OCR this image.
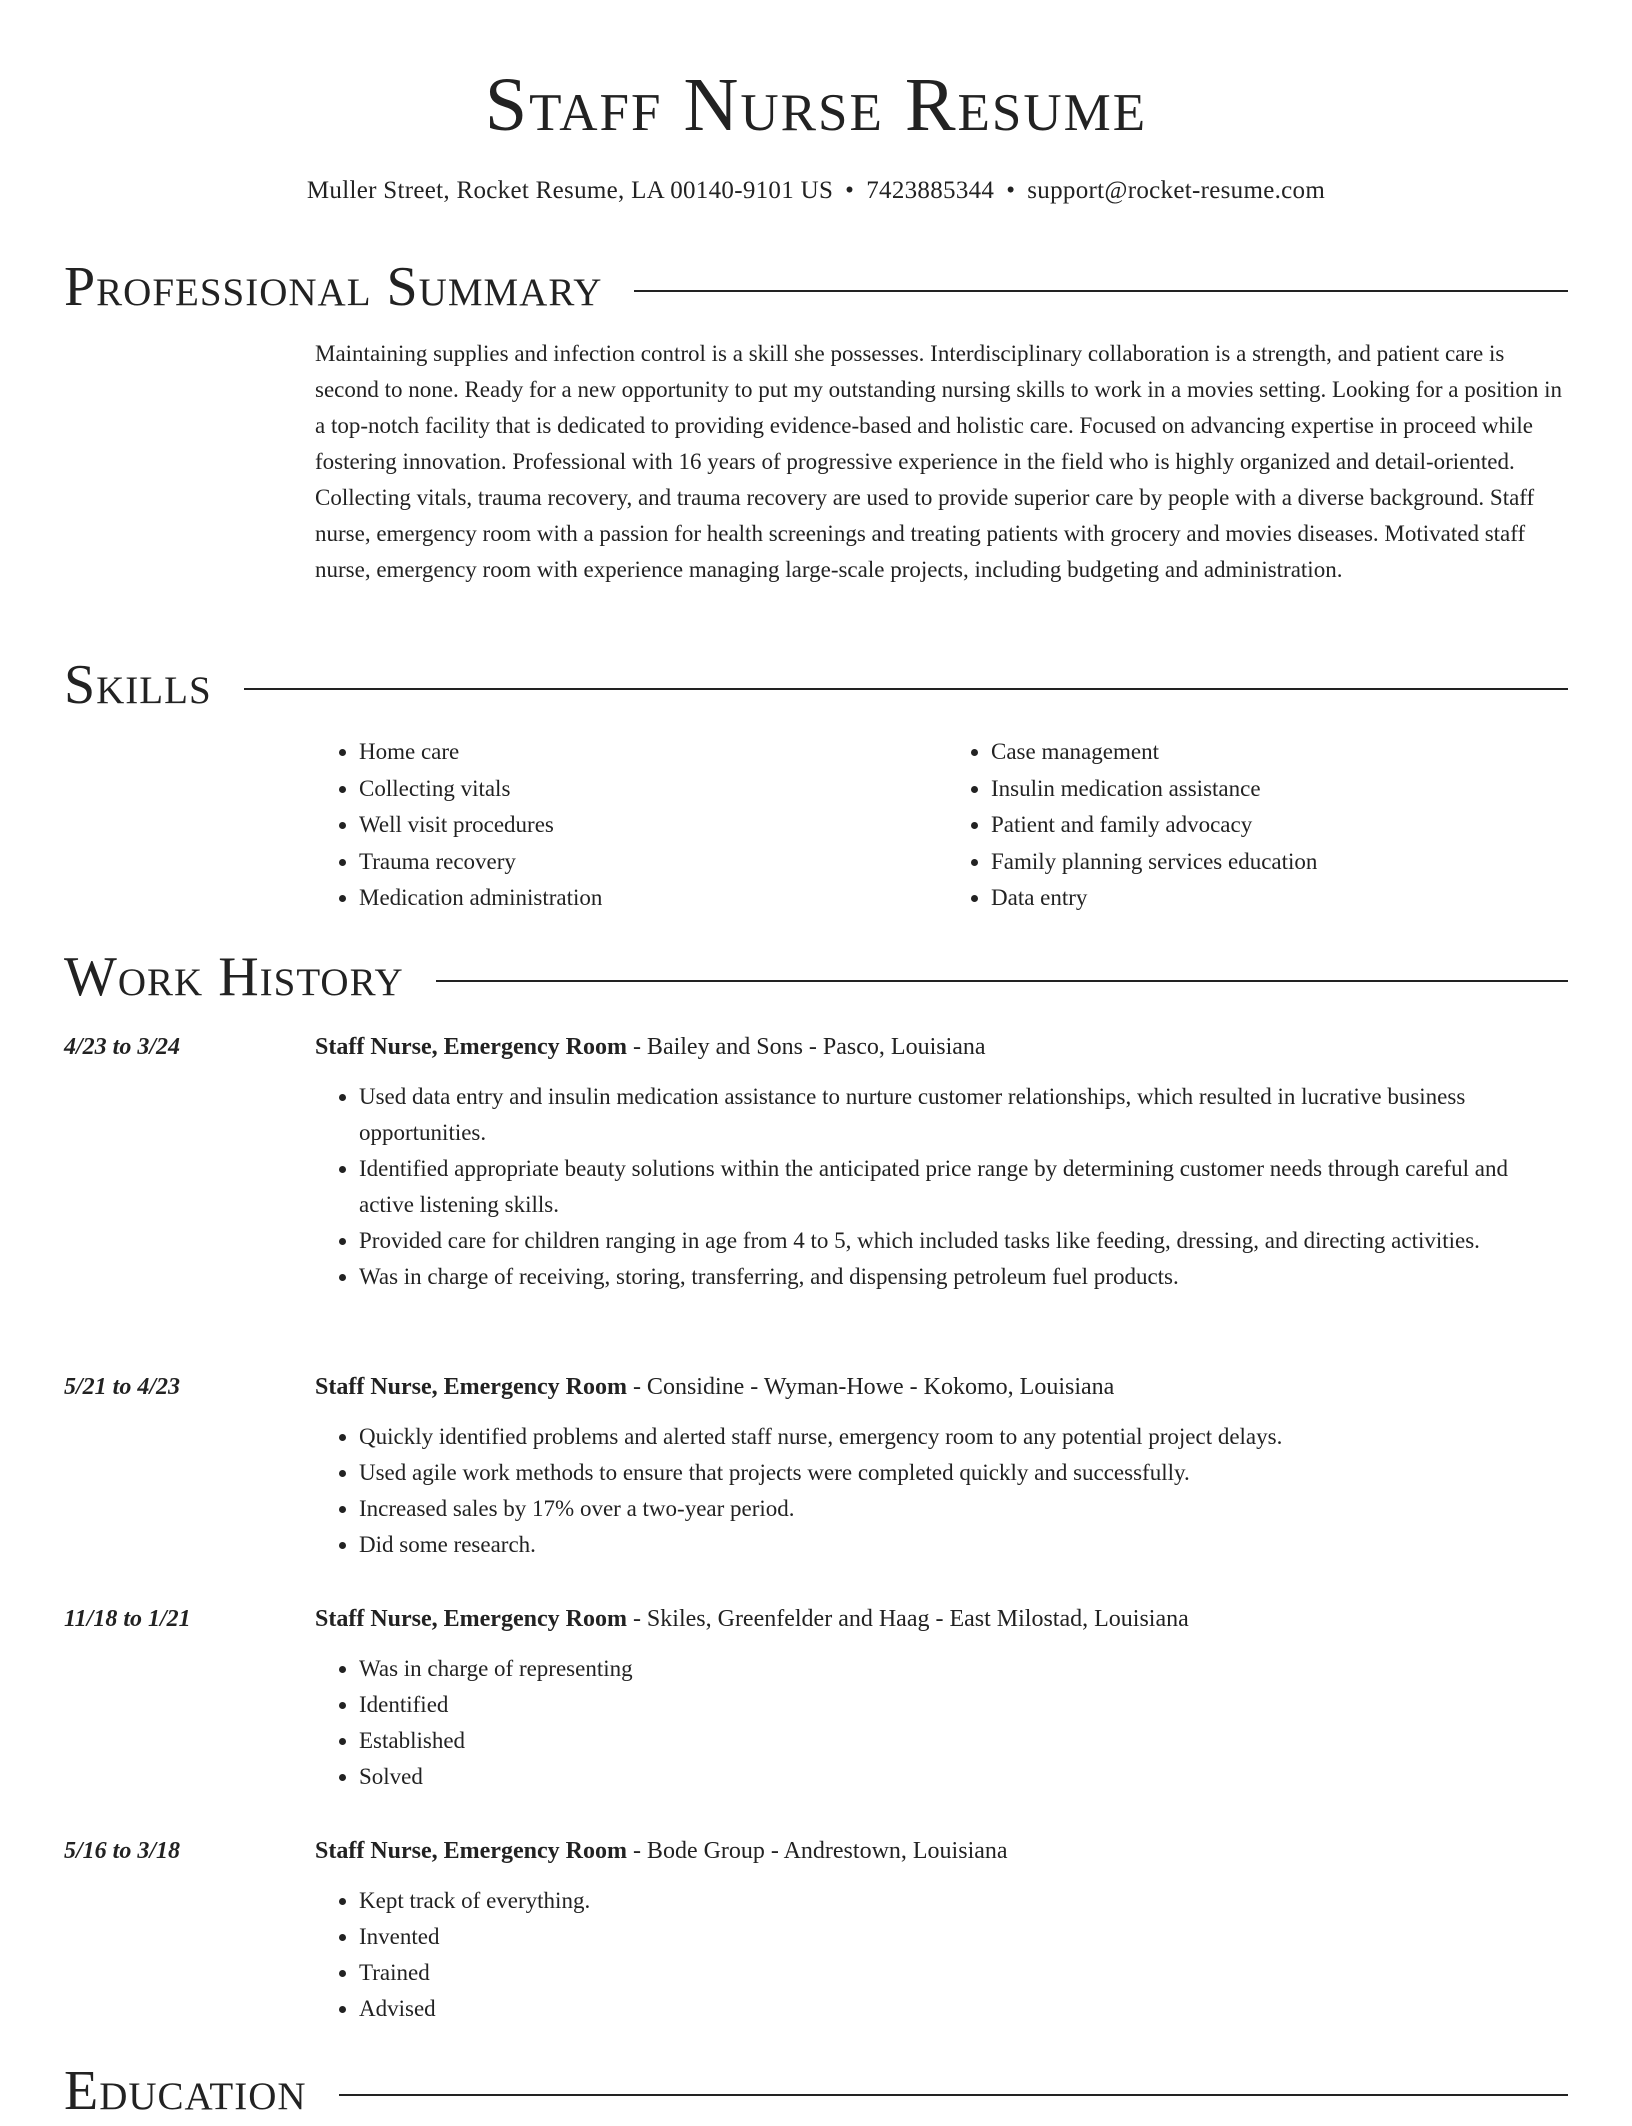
Staff Nurse Resume
Muller Street, Rocket Resume, LA 00140-9101 US • 7423885344 • support@rocket-resume.com
Professional Summary

Maintaining supplies and infection control is a skill she possesses. Interdisciplinary collaboration is a strength, and patient care is second to none. Ready for a new opportunity to put my outstanding nursing skills to work in a movies setting. Looking for a position in a top-notch facility that is dedicated to providing evidence-based and holistic care. Focused on advancing expertise in proceed while fostering innovation. Professional with 16 years of progressive experience in the field who is highly organized and detail-oriented. Collecting vitals, trauma recovery, and trauma recovery are used to provide superior care by people with a diverse background. Staff nurse, emergency room with a passion for health screenings and treating patients with grocery and movies diseases. Motivated staff nurse, emergency room with experience managing large-scale projects, including budgeting and administration.

Skills
• Home care
• Collecting vitals
• Well visit procedures
• Trauma recovery
• Medication administration
• Case management
• Insulin medication assistance
• Patient and family advocacy
• Family planning services education
• Data entry
Work History
4/23 to 3/24	Staff Nurse, Emergency Room - Bailey and Sons - Pasco, Louisiana
• Used data entry and insulin medication assistance to nurture customer relationships, which resulted in lucrative business opportunities.
• Identified appropriate beauty solutions within the anticipated price range by determining customer needs through careful and active listening skills.
• Provided care for children ranging in age from 4 to 5, which included tasks like feeding, dressing, and directing activities.
• Was in charge of receiving, storing, transferring, and dispensing petroleum fuel products.
5/21 to 4/23	Staff Nurse, Emergency Room - Considine - Wyman-Howe - Kokomo, Louisiana
• Quickly identified problems and alerted staff nurse, emergency room to any potential project delays.
• Used agile work methods to ensure that projects were completed quickly and successfully.
• Increased sales by 17% over a two-year period.
• Did some research.
11/18 to 1/21	Staff Nurse, Emergency Room - Skiles, Greenfelder and Haag - East Milostad, Louisiana
• Was in charge of representing
• Identified
• Established
• Solved
5/16 to 3/18	Staff Nurse, Emergency Room - Bode Group - Andrestown, Louisiana
• Kept track of everything.
• Invented
• Trained
• Advised
Education
